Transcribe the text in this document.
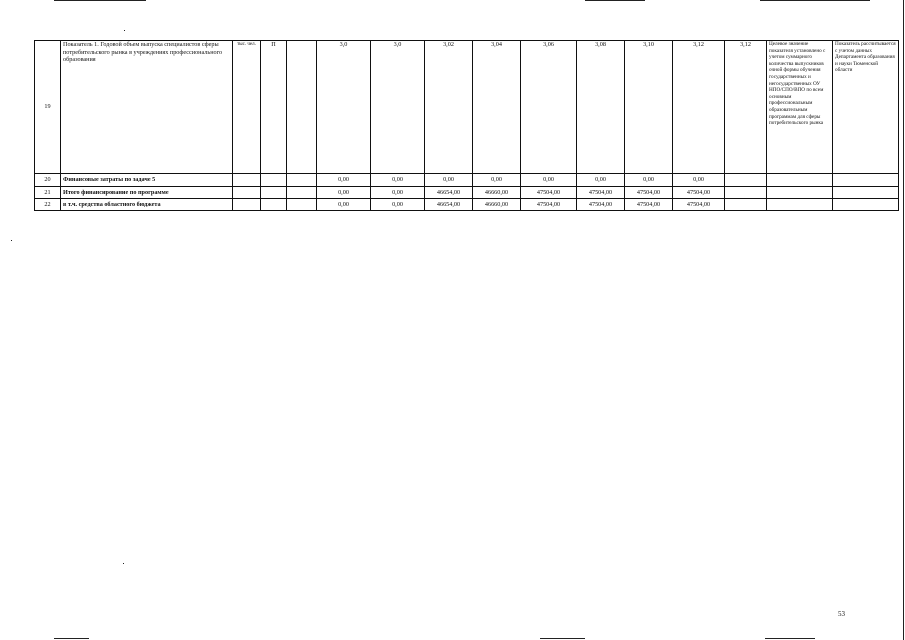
19	Показатель 1. Годовой объем выпуска специалистов сферы потребительского рынка в учреждениях профессионального образования	тыс. чел.	П		3,0	3,0	3,02	3,04	3,06	3,08	3,10	3,12	3,12	Целевое значение показателя установлено с учетом суммарного количества выпускников очной формы обучения государственных и негосударственных ОУ НПО/СПО/ВПО по всем основным профессиональным образовательным программам для сферы потребительского рынка	Показатель рассчитывается с учетом данных Департамента образования и науки Тюменской области
20	Финансовые затраты по задаче 5				0,00	0,00	0,00	0,00	0,00	0,00	0,00	0,00			
21	Итого финансирование по программе				0,00	0,00	46654,00	46660,00	47504,00	47504,00	47504,00	47504,00			
22	в т.ч. средства областного бюджета				0,00	0,00	46654,00	46660,00	47504,00	47504,00	47504,00	47504,00			
53
